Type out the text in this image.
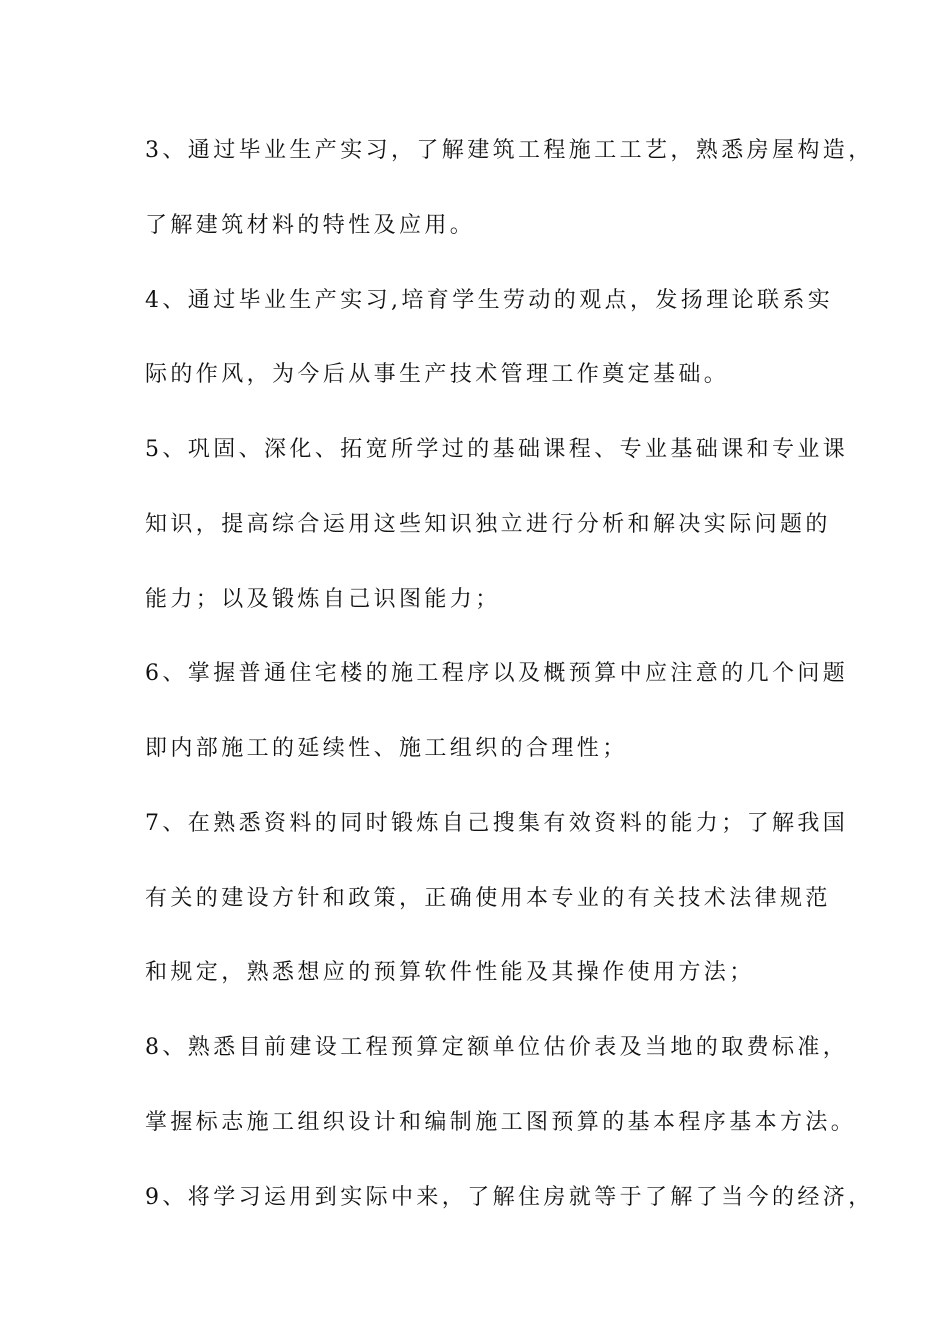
3、通过毕业生产实习，了解建筑工程施工工艺，熟悉房屋构造，
了解建筑材料的特性及应用。
4、通过毕业生产实习,培育学生劳动的观点，发扬理论联系实
际的作风，为今后从事生产技术管理工作奠定基础。
5、巩固、深化、拓宽所学过的基础课程、专业基础课和专业课
知识，提高综合运用这些知识独立进行分析和解决实际问题的
能力；以及锻炼自己识图能力；
6、掌握普通住宅楼的施工程序以及概预算中应注意的几个问题
即内部施工的延续性、施工组织的合理性；
7、在熟悉资料的同时锻炼自己搜集有效资料的能力；了解我国
有关的建设方针和政策，正确使用本专业的有关技术法律规范
和规定，熟悉想应的预算软件性能及其操作使用方法；
8、熟悉目前建设工程预算定额单位估价表及当地的取费标准，
掌握标志施工组织设计和编制施工图预算的基本程序基本方法。
9、将学习运用到实际中来，了解住房就等于了解了当今的经济，
